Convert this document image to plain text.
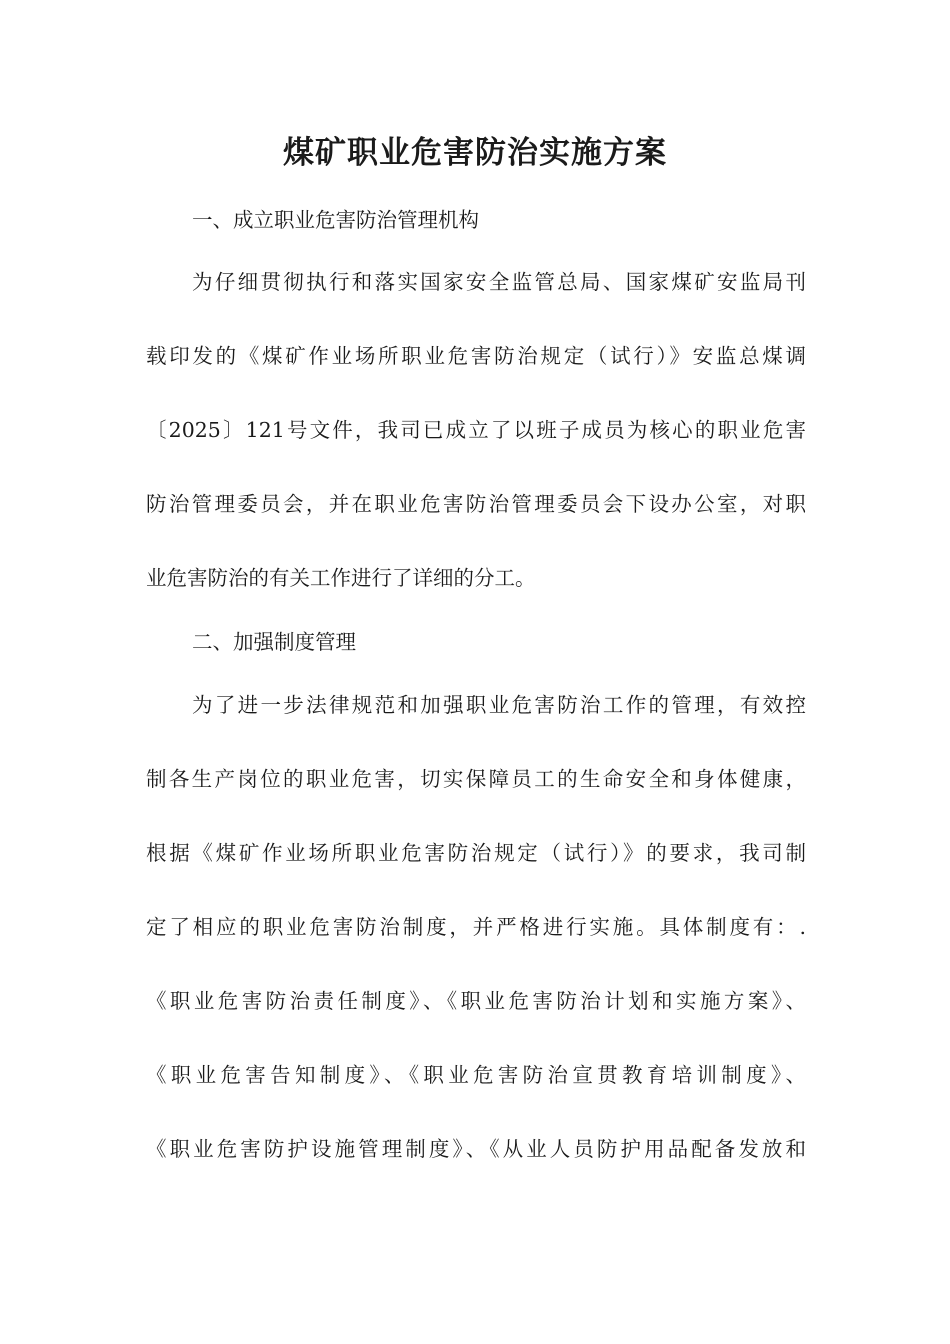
煤矿职业危害防治实施方案
一、成立职业危害防治管理机构
为仔细贯彻执行和落实国家安全监管总局、国家煤矿安监局刊
载印发的《煤矿作业场所职业危害防治规定（试行）》安监总煤调
〔2025〕121号文件，我司已成立了以班子成员为核心的职业危害
防治管理委员会，并在职业危害防治管理委员会下设办公室，对职
业危害防治的有关工作进行了详细的分工。
二、加强制度管理
为了进一步法律规范和加强职业危害防治工作的管理，有效控
制各生产岗位的职业危害，切实保障员工的生命安全和身体健康，
根据《煤矿作业场所职业危害防治规定（试行）》的要求，我司制
定了相应的职业危害防治制度，并严格进行实施。具体制度有：.
《职业危害防治责任制度》、《职业危害防治计划和实施方案》、
《职业危害告知制度》、《职业危害防治宣贯教育培训制度》、
《职业危害防护设施管理制度》、《从业人员防护用品配备发放和
